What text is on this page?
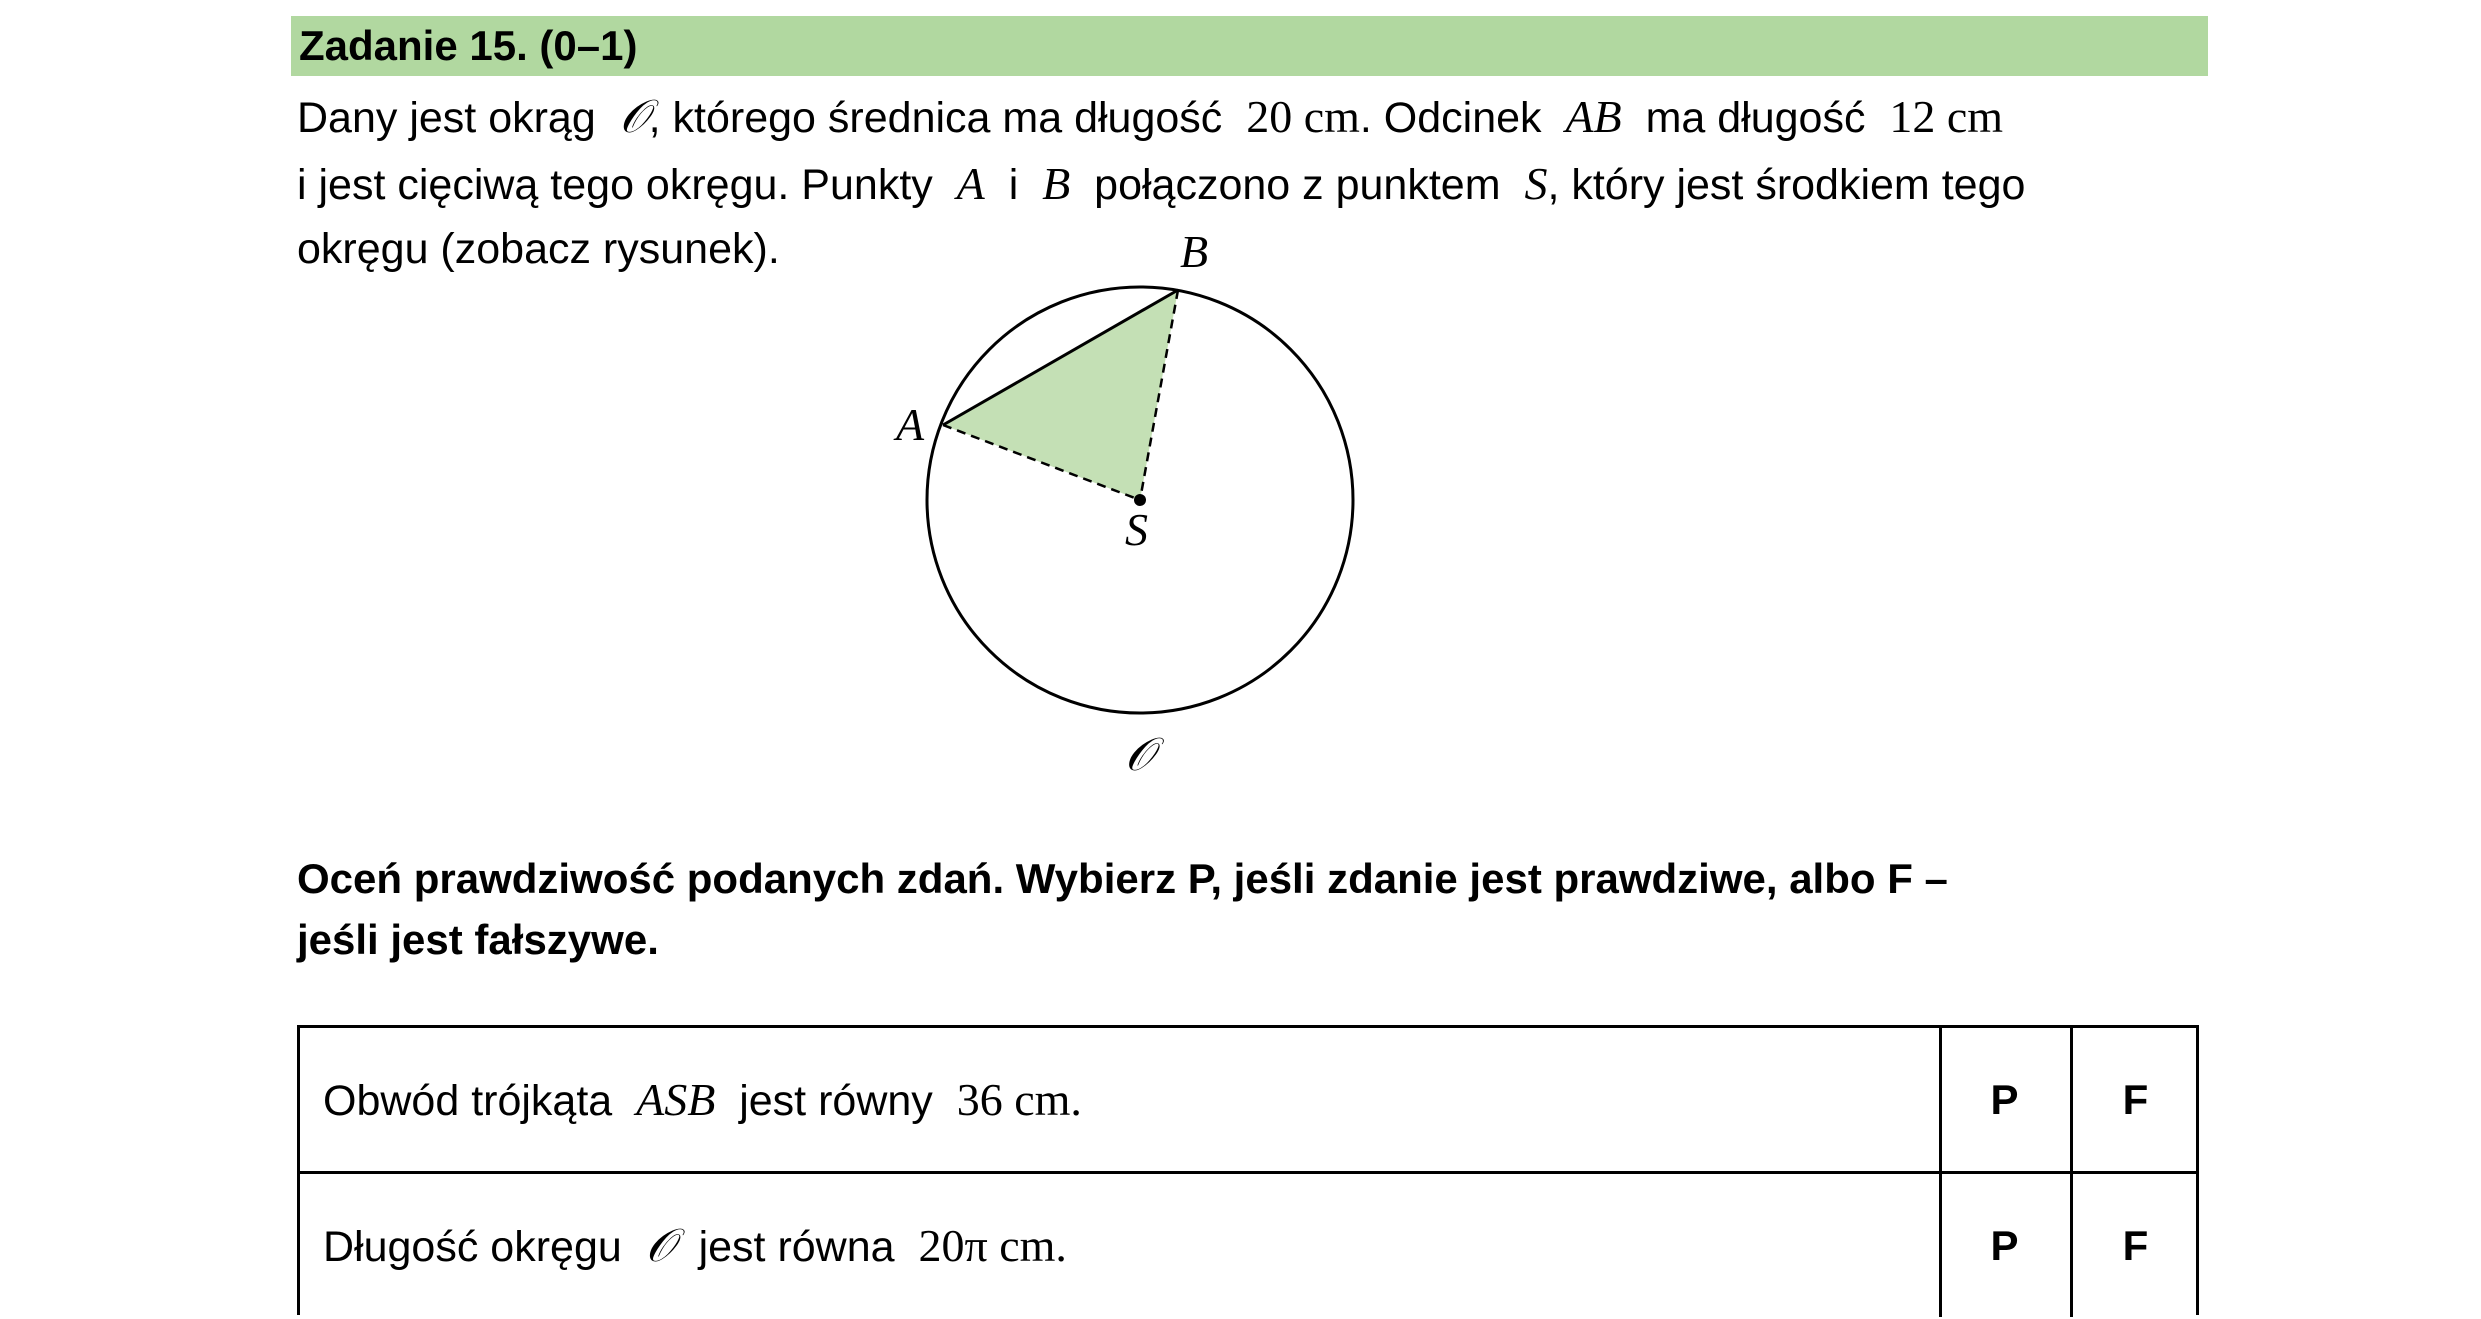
Zadanie 15. (0–1)
Dany jest okrąg 𝒪, którego średnica ma długość 20 cm. Odcinek AB ma długość 12 cm
i jest cięciwą tego okręgu. Punkty A i B połączono z punktem S, który jest środkiem tego
okręgu (zobacz rysunek).	B
A
S
𝒪
Oceń prawdziwość podanych zdań. Wybierz P, jeśli zdanie jest prawdziwe, albo F –
jeśli jest fałszywe.
Obwód trójkąta ASB jest równy 36 cm.	P	F
Długość okręgu 𝒪 jest równa 20π cm.	P	F
